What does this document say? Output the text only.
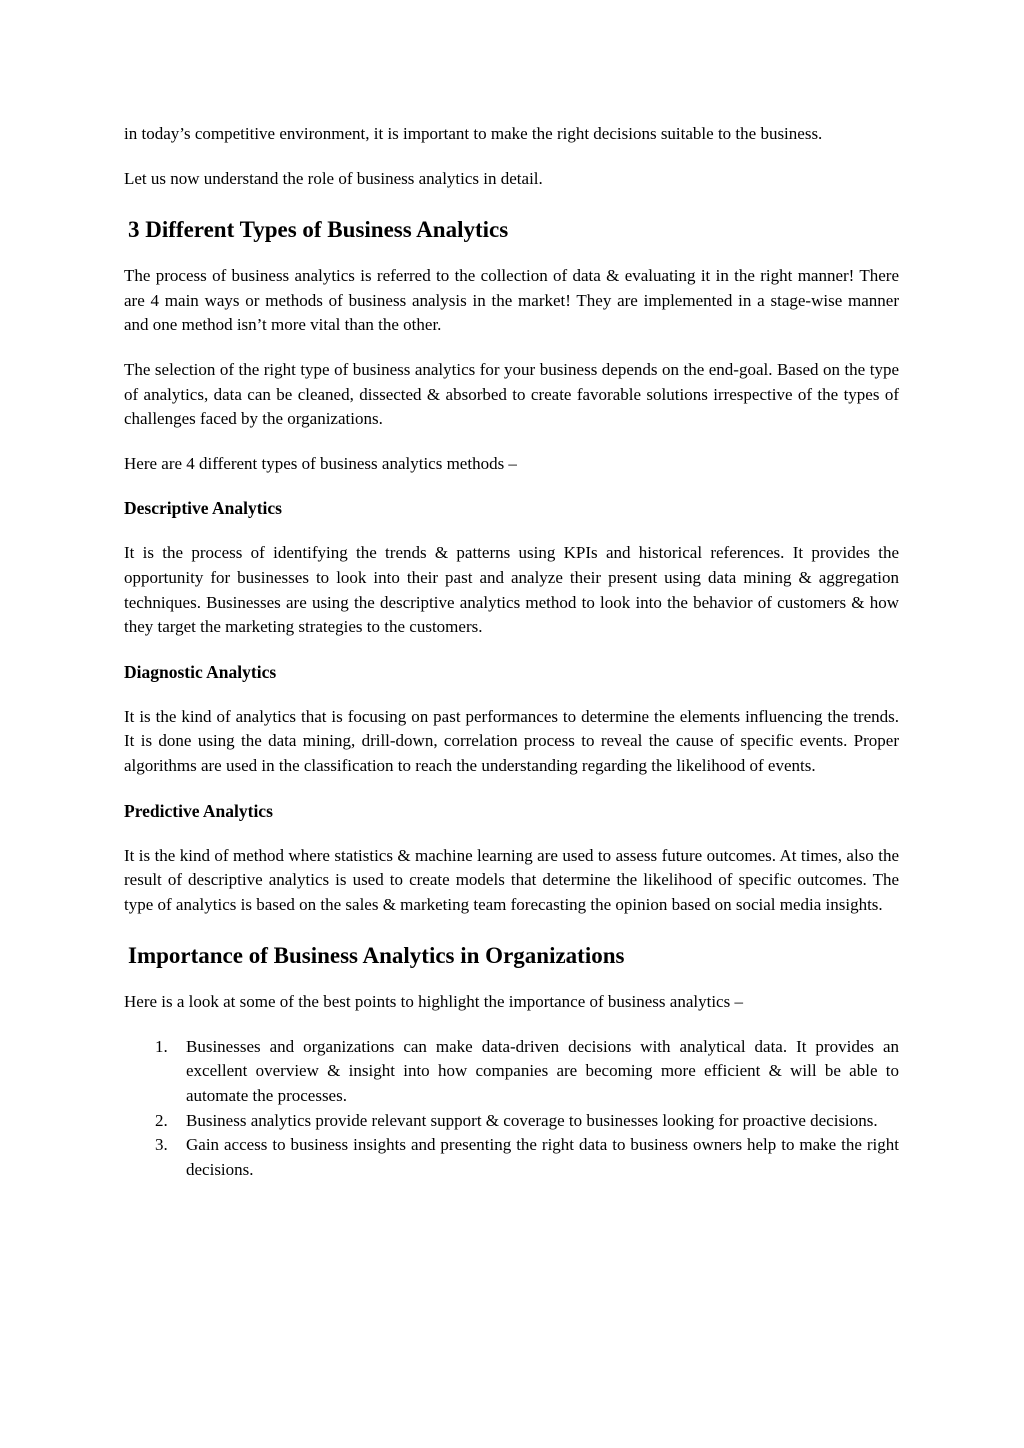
in today’s competitive environment, it is important to make the right decisions suitable to the business.

Let us now understand the role of business analytics in detail.

3 Different Types of Business Analytics

The process of business analytics is referred to the collection of data & evaluating it in the right manner! There are 4 main ways or methods of business analysis in the market! They are implemented in a stage-wise manner and one method isn’t more vital than the other.

The selection of the right type of business analytics for your business depends on the end-goal. Based on the type of analytics, data can be cleaned, dissected & absorbed to create favorable solutions irrespective of the types of challenges faced by the organizations.

Here are 4 different types of business analytics methods –

Descriptive Analytics

It is the process of identifying the trends & patterns using KPIs and historical references. It provides the opportunity for businesses to look into their past and analyze their present using data mining & aggregation techniques. Businesses are using the descriptive analytics method to look into the behavior of customers & how they target the marketing strategies to the customers.

Diagnostic Analytics

It is the kind of analytics that is focusing on past performances to determine the elements influencing the trends. It is done using the data mining, drill-down, correlation process to reveal the cause of specific events. Proper algorithms are used in the classification to reach the understanding regarding the likelihood of events.

Predictive Analytics

It is the kind of method where statistics & machine learning are used to assess future outcomes. At times, also the result of descriptive analytics is used to create models that determine the likelihood of specific outcomes. The type of analytics is based on the sales & marketing team forecasting the opinion based on social media insights.

Importance of Business Analytics in Organizations

Here is a look at some of the best points to highlight the importance of business analytics –

1. Businesses and organizations can make data-driven decisions with analytical data. It provides an excellent overview & insight into how companies are becoming more efficient & will be able to automate the processes.
2. Business analytics provide relevant support & coverage to businesses looking for proactive decisions.
3. Gain access to business insights and presenting the right data to business owners help to make the right decisions.
